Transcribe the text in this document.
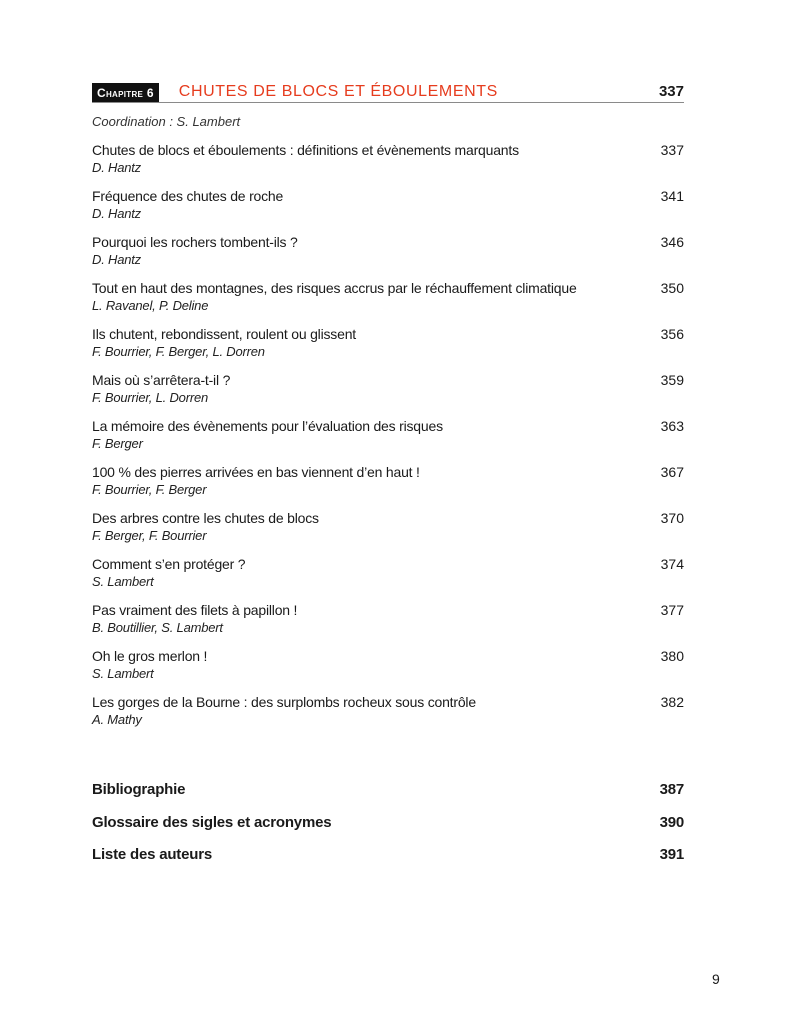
Chapitre 6	CHUTES DE BLOCS ET ÉBOULEMENTS	337
Coordination : S. Lambert
Chutes de blocs et éboulements : définitions et évènements marquants	337
D. Hantz
Fréquence des chutes de roche	341
D. Hantz
Pourquoi les rochers tombent-ils ?	346
D. Hantz
Tout en haut des montagnes, des risques accrus par le réchauffement climatique	350
L. Ravanel, P. Deline
Ils chutent, rebondissent, roulent ou glissent	356
F. Bourrier, F. Berger, L. Dorren
Mais où s’arrêtera-t-il ?	359
F. Bourrier, L. Dorren
La mémoire des évènements pour l’évaluation des risques	363
F. Berger
100 % des pierres arrivées en bas viennent d’en haut !	367
F. Bourrier, F. Berger
Des arbres contre les chutes de blocs	370
F. Berger, F. Bourrier
Comment s’en protéger ?	374
S. Lambert
Pas vraiment des filets à papillon !	377
B. Boutillier, S. Lambert
Oh le gros merlon !	380
S. Lambert
Les gorges de la Bourne : des surplombs rocheux sous contrôle	382
A. Mathy
Bibliographie	387
Glossaire des sigles et acronymes	390
Liste des auteurs	391
9
